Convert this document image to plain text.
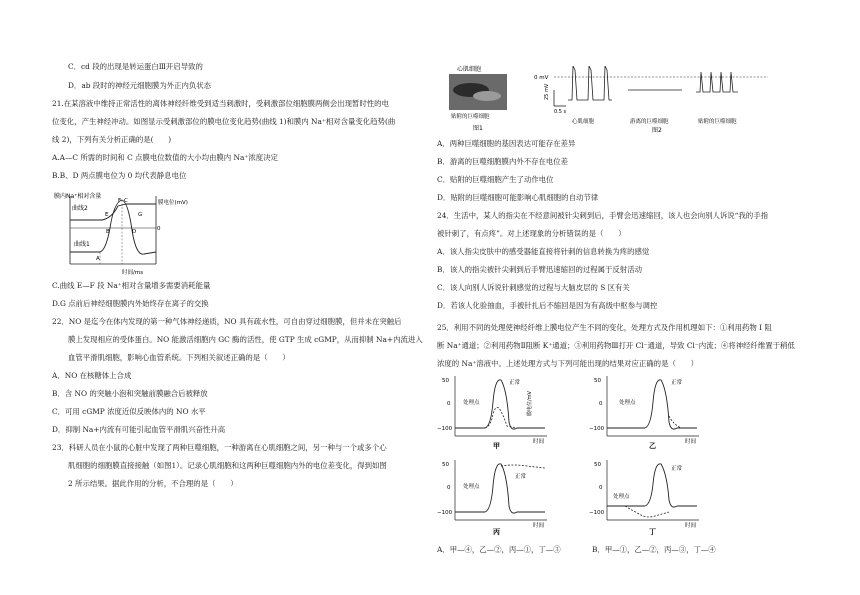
C．cd 段的出现是转运蛋白Ⅲ开启导致的
D．ab 段时的神经元细胞膜为外正内负状态
21.在某溶液中维持正常活性的离体神经纤维受到适当刺激时，受刺激部位细胞膜两侧会出现暂时性的电
位变化，产生神经冲动。如图显示受刺激部位的膜电位变化趋势(曲线 1)和膜内 Na⁺相对含量变化趋势(曲
线 2)，下列有关分析正确的是(　　)
A.A—C 所需的时间和 C 点膜电位数值的大小均由膜内 Na⁺浓度决定
B.B、D 两点膜电位为 0 均代表静息电位
膜内Na⁺相对含量
膜电位(mV)
曲线2
曲线1
0
A
B
C
D
E
F
G
时间/ms
C.曲线 E—F 段 Na⁺相对含量增多需要消耗能量
D.G 点前后神经细胞膜内外始终存在离子的交换
22．NO 是迄今在体内发现的第一种气体神经递质，NO 具有疏水性，可自由穿过细胞膜，但并未在突触后
膜上发现相应的受体蛋白。NO 能激活细胞内 GC 酶的活性，使 GTP 生成 cGMP，从而抑制 Na+内流进入
血管平滑肌细胞，影响心血管系统。下列相关叙述正确的是（　　）
A．NO 在核糖体上合成
B．含 NO 的突触小泡和突触前膜融合后被释放
C．可用 cGMP 浓度近似反映体内的 NO 水平
D．抑制 Na+内流有可能引起血管平滑肌兴奋性升高
23．科研人员在小鼠的心脏中发现了两种巨噬细胞，一种游离在心肌细胞之间，另一种与一个或多个心
肌细胞的细胞膜直接接触（如图1）。记录心肌细胞和这两种巨噬细胞内外的电位差变化，得到如图
2 所示结果。据此作用的分析，不合理的是（　　）
心肌细胞
贴附的巨噬细胞
图1
0 mV
25 mV
0.5 s
心肌细胞	游离的巨噬细胞	贴附的巨噬细胞
图2
A．两种巨噬细胞的基因表达可能存在差异
B．游离的巨噬细胞膜内外不存在电位差
C．贴附的巨噬细胞产生了动作电位
D．贴附的巨噬细胞可能影响心肌细胞的自动节律
24．生活中，某人的指尖在不经意间被针尖刺到后，手臂会迅速缩回，该人也会向别人诉说“我的手指
被针刺了，有点疼”。对上述现象的分析错误的是（　　）
A．该人指尖皮肤中的感受器能直接将针刺的信息转换为疼的感觉
B．该人的指尖被针尖刺到后手臂迅速缩回的过程属于反射活动
C．该人向别人诉说针刺感觉的过程与大脑皮层的 S 区有关
D．若该人化验抽血，手被针扎后不缩回是因为有高级中枢参与调控
25．利用不同的处理使神经纤维上膜电位产生不同的变化，处理方式及作用机理如下：①利用药物 I 阻
断 Na⁺通道；②利用药物Ⅱ阻断 K⁺通道；③利用药物Ⅲ打开 Cl⁻通道，导致 Cl⁻内流；④将神经纤维置于稍低
浓度的 Na⁺溶液中。上述处理方式与下列可能出现的结果对应正确的是（　　）
50
0
−100
时间
正常
处理点
甲
50
0
−100
时间
正常
处理点
乙
50
0
−100
时间
正常
处理点
丙
50
0
−100
时间
正常
处理点
丁
膜电位/mV
A．甲—④，乙—②，丙—①，丁—③	B．甲—①，乙—②，丙—③，丁—④
